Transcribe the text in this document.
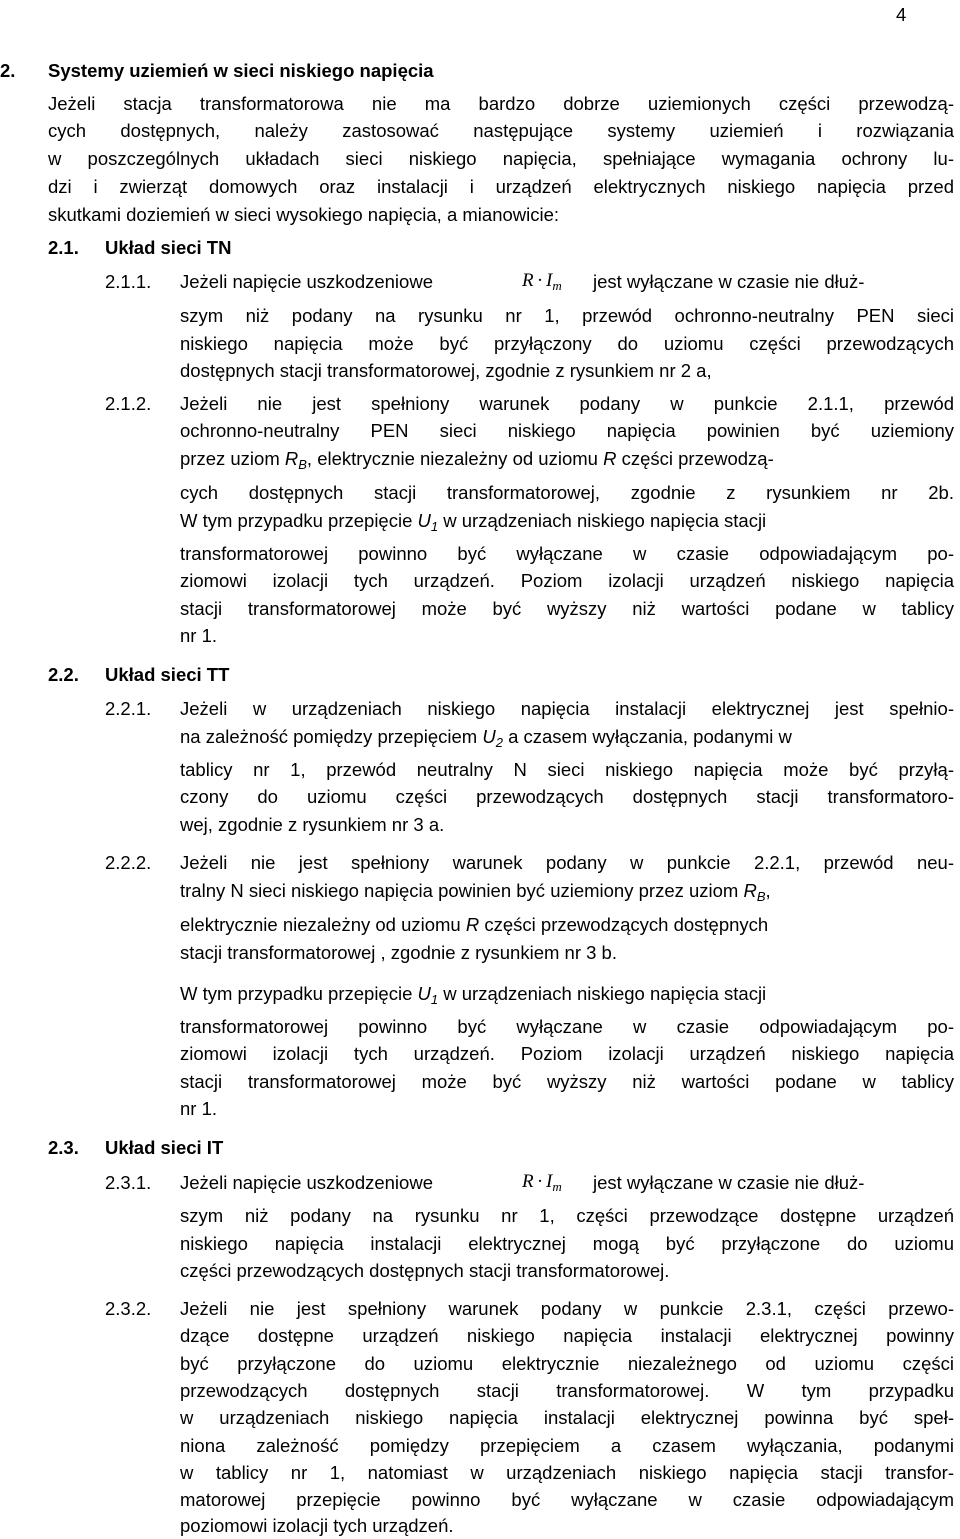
4
2. Systemy uziemień w sieci niskiego napięcia
Jeżeli stacja transformatorowa nie ma bardzo dobrze uziemionych części przewodzą-
cych dostępnych, należy zastosować następujące systemy uziemień i rozwiązania
w poszczególnych układach sieci niskiego napięcia, spełniające wymagania ochrony lu-
dzi i zwierząt domowych oraz instalacji i urządzeń elektrycznych niskiego napięcia przed
skutkami doziemień w sieci wysokiego napięcia, a mianowicie:
2.1. Układ sieci TN
2.1.1. Jeżeli napięcie uszkodzeniowe	$R \cdot I_m$ jest wyłączane w czasie nie dłuż-
szym niż podany na rysunku nr 1, przewód ochronno-neutralny PEN sieci
niskiego napięcia może być przyłączony do uziomu części przewodzących
dostępnych stacji transformatorowej, zgodnie z rysunkiem nr 2 a,
2.1.2. Jeżeli nie jest spełniony warunek podany w punkcie 2.1.1, przewód
ochronno-neutralny PEN sieci niskiego napięcia powinien być uziemiony
przez uziom $R_B$, elektrycznie niezależny od uziomu R części przewodzą-
cych dostępnych stacji transformatorowej, zgodnie z rysunkiem nr 2b.
W tym przypadku przepięcie $U_1$ w urządzeniach niskiego napięcia stacji
transformatorowej powinno być wyłączane w czasie odpowiadającym po-
ziomowi izolacji tych urządzeń. Poziom izolacji urządzeń niskiego napięcia
stacji transformatorowej może być wyższy niż wartości podane w tablicy
nr 1.
2.2. Układ sieci TT
2.2.1. Jeżeli w urządzeniach niskiego napięcia instalacji elektrycznej jest spełnio-
na zależność pomiędzy przepięciem $U_2$ a czasem wyłączania, podanymi w
tablicy nr 1, przewód neutralny N sieci niskiego napięcia może być przyłą-
czony do uziomu części przewodzących dostępnych stacji transformatoro-
wej, zgodnie z rysunkiem nr 3 a.
2.2.2. Jeżeli nie jest spełniony warunek podany w punkcie 2.2.1, przewód neu-
tralny N sieci niskiego napięcia powinien być uziemiony przez uziom $R_B$,
elektrycznie niezależny od uziomu R części przewodzących dostępnych
stacji transformatorowej , zgodnie z rysunkiem nr 3 b.
W tym przypadku przepięcie $U_1$ w urządzeniach niskiego napięcia stacji
transformatorowej powinno być wyłączane w czasie odpowiadającym po-
ziomowi izolacji tych urządzeń. Poziom izolacji urządzeń niskiego napięcia
stacji transformatorowej może być wyższy niż wartości podane w tablicy
nr 1.
2.3. Układ sieci IT
2.3.1. Jeżeli napięcie uszkodzeniowe	$R \cdot I_m$ jest wyłączane w czasie nie dłuż-
szym niż podany na rysunku nr 1, części przewodzące dostępne urządzeń
niskiego napięcia instalacji elektrycznej mogą być przyłączone do uziomu
części przewodzących dostępnych stacji transformatorowej.
2.3.2. Jeżeli nie jest spełniony warunek podany w punkcie 2.3.1, części przewo-
dzące dostępne urządzeń niskiego napięcia instalacji elektrycznej powinny
być przyłączone do uziomu elektrycznie niezależnego od uziomu części
przewodzących dostępnych stacji transformatorowej. W tym przypadku
w urządzeniach niskiego napięcia instalacji elektrycznej powinna być speł-
niona zależność pomiędzy przepięciem a czasem wyłączania, podanymi
w tablicy nr 1, natomiast w urządzeniach niskiego napięcia stacji transfor-
matorowej przepięcie powinno być wyłączane w czasie odpowiadającym
poziomowi izolacji tych urządzeń.
